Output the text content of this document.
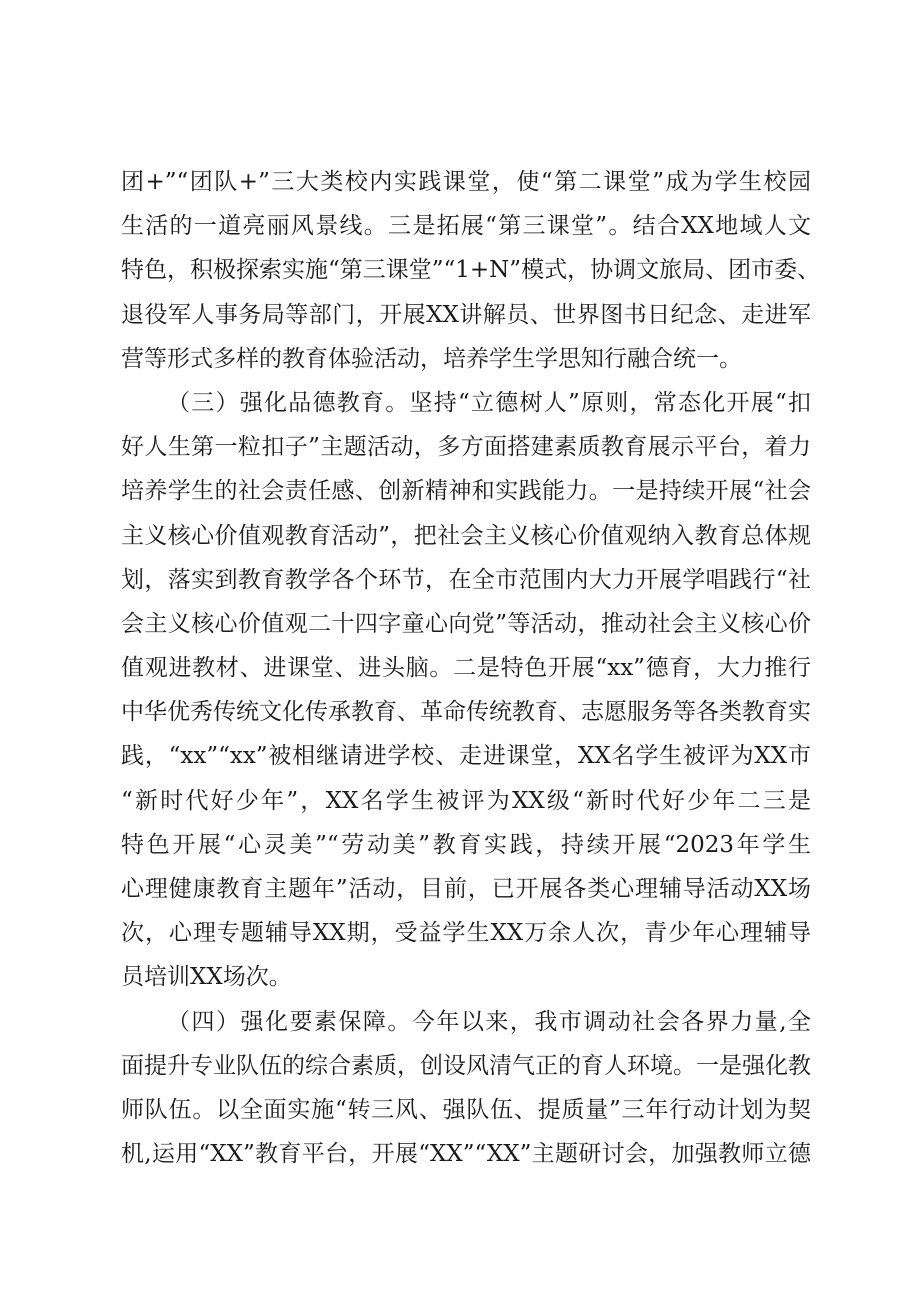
团+”“团队+”三大类校内实践课堂，使“第二课堂”成为学生校园
生活的一道亮丽风景线。三是拓展“第三课堂”。结合XX地域人文
特色，积极探索实施“第三课堂”“1+N”模式，协调文旅局、团市委、
退役军人事务局等部门，开展XX讲解员、世界图书日纪念、走进军
营等形式多样的教育体验活动，培养学生学思知行融合统一。
（三）强化品德教育。坚持“立德树人”原则，常态化开展“扣
好人生第一粒扣子”主题活动，多方面搭建素质教育展示平台，着力
培养学生的社会责任感、创新精神和实践能力。一是持续开展“社会
主义核心价值观教育活动”，把社会主义核心价值观纳入教育总体规
划，落实到教育教学各个环节，在全市范围内大力开展学唱践行“社
会主义核心价值观二十四字童心向党”等活动，推动社会主义核心价
值观进教材、进课堂、进头脑。二是特色开展“xx”德育，大力推行
中华优秀传统文化传承教育、革命传统教育、志愿服务等各类教育实
践，“xx”“xx”被相继请进学校、走进课堂，XX名学生被评为XX市
“新时代好少年”，XX名学生被评为XX级“新时代好少年二三是
特色开展“心灵美”“劳动美”教育实践，持续开展“2023年学生
心理健康教育主题年”活动，目前，已开展各类心理辅导活动XX场
次，心理专题辅导XX期，受益学生XX万余人次，青少年心理辅导
员培训XX场次。
（四）强化要素保障。今年以来，我市调动社会各界力量,全
面提升专业队伍的综合素质，创设风清气正的育人环境。一是强化教
师队伍。以全面实施“转三风、强队伍、提质量”三年行动计划为契
机,运用“XX”教育平台，开展“XX”“XX”主题研讨会，加强教师立德
